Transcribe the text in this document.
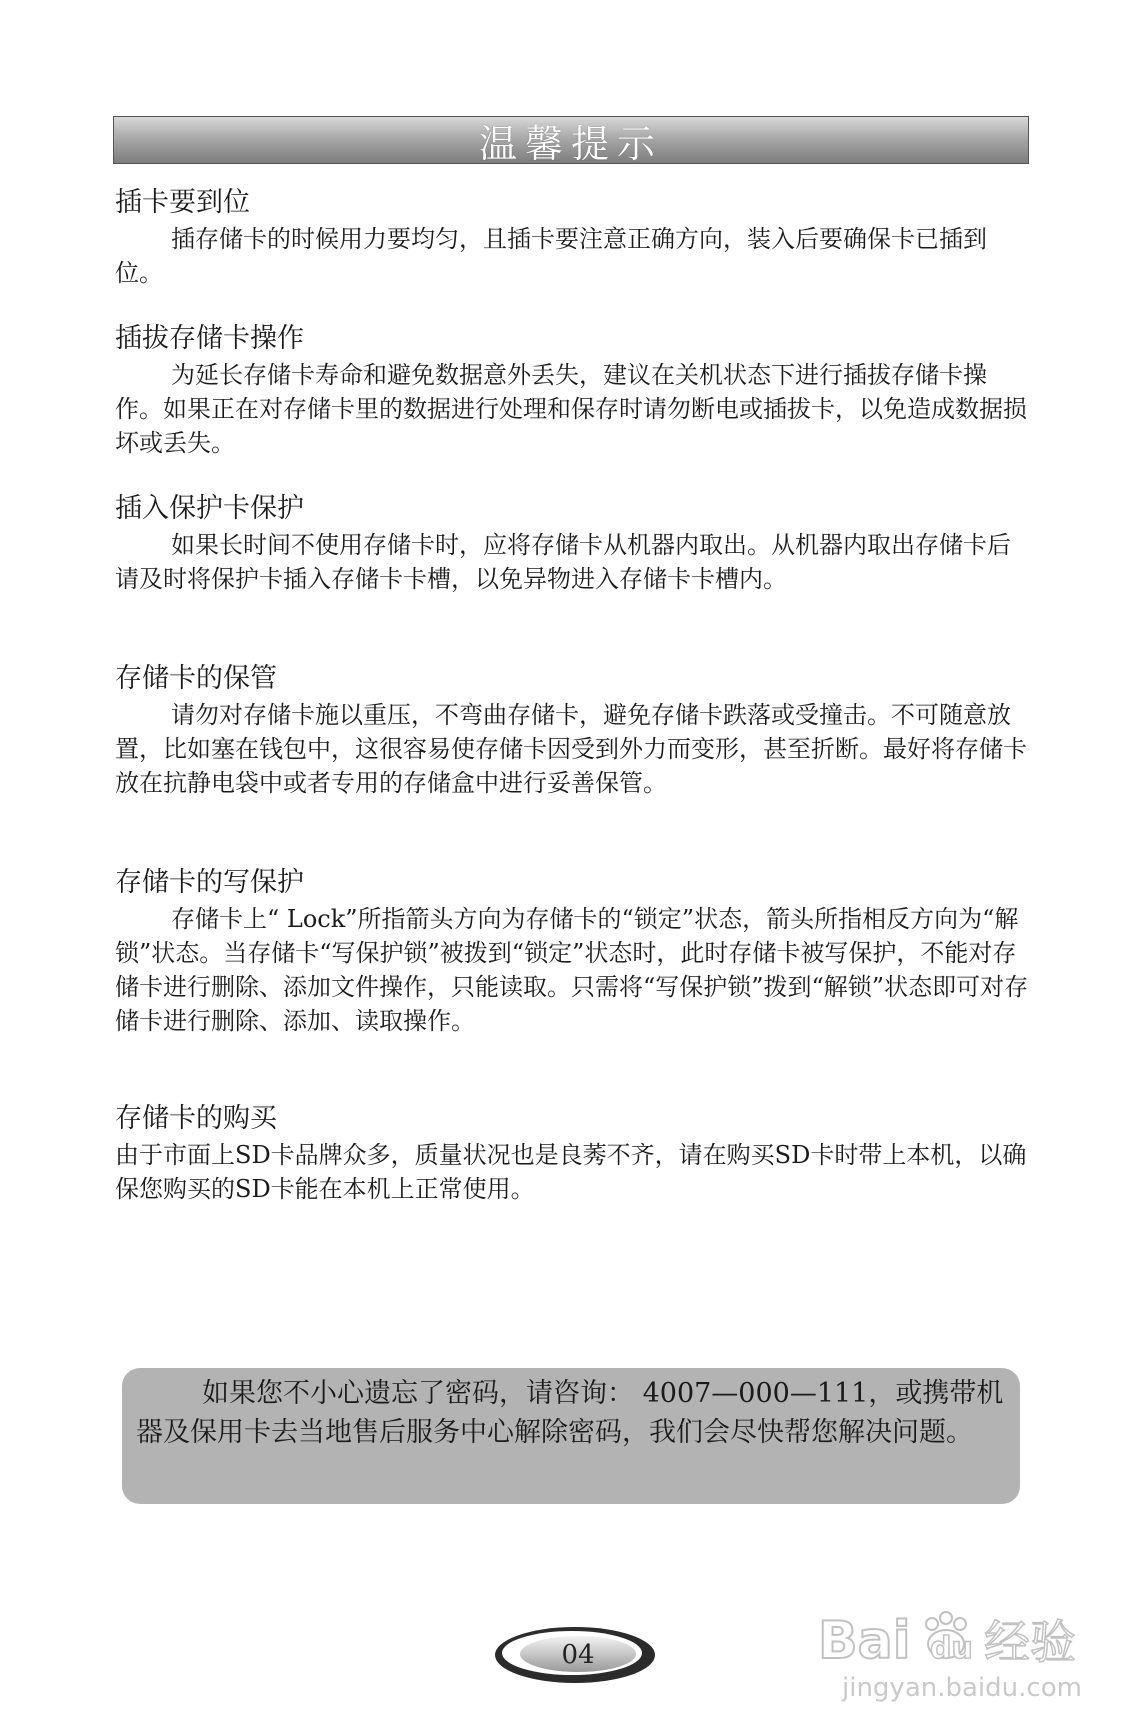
温馨提示

插卡要到位

插存储卡的时候用力要均匀，且插卡要注意正确方向，装入后要确保卡已插到位。

插拔存储卡操作

为延长存储卡寿命和避免数据意外丢失，建议在关机状态下进行插拔存储卡操作。如果正在对存储卡里的数据进行处理和保存时请勿断电或插拔卡，以免造成数据损坏或丢失。

插入保护卡保护

如果长时间不使用存储卡时，应将存储卡从机器内取出。从机器内取出存储卡后请及时将保护卡插入存储卡卡槽，以免异物进入存储卡卡槽内。

存储卡的保管

请勿对存储卡施以重压，不弯曲存储卡，避免存储卡跌落或受撞击。不可随意放置，比如塞在钱包中，这很容易使存储卡因受到外力而变形，甚至折断。最好将存储卡放在抗静电袋中或者专用的存储盒中进行妥善保管。

存储卡的写保护

存储卡上“ Lock”所指箭头方向为存储卡的“锁定”状态，箭头所指相反方向为“解锁”状态。当存储卡“写保护锁”被拨到“锁定”状态时，此时存储卡被写保护，不能对存储卡进行删除、添加文件操作，只能读取。只需将“写保护锁”拨到“解锁”状态即可对存储卡进行删除、添加、读取操作。

存储卡的购买

由于市面上SD卡品牌众多，质量状况也是良莠不齐，请在购买SD卡时带上本机，以确保您购买的SD卡能在本机上正常使用。

如果您不小心遗忘了密码，请咨询： 4007—000—111，或携带机器及保用卡去当地售后服务中心解除密码，我们会尽快帮您解决问题。

04	Bai du 经验
jingyan.baidu.com
